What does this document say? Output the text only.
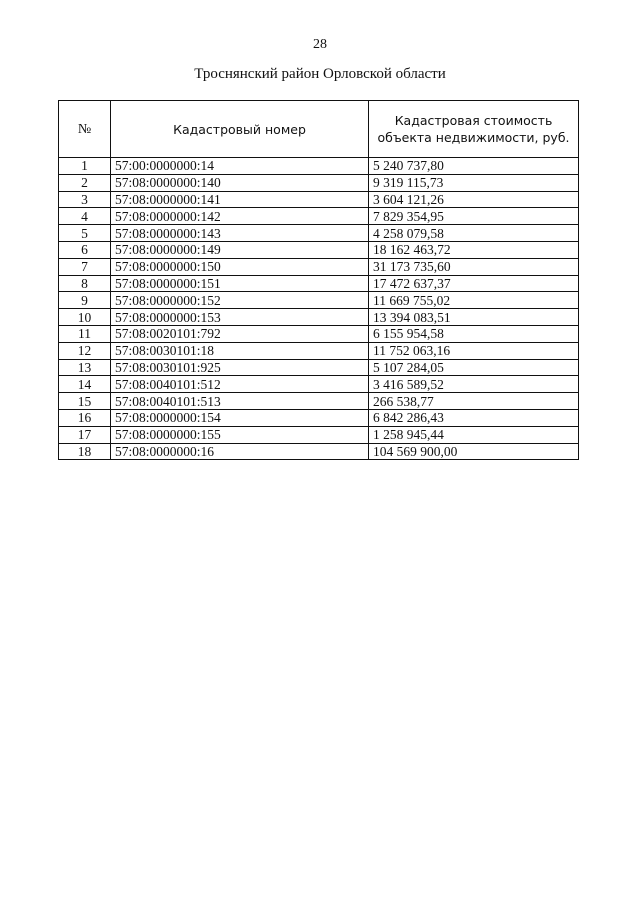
28
Троснянский район Орловской области
№	Кадастровый номер	Кадастровая стоимость объекта недвижимости, руб.
1	57:00:0000000:14	5 240 737,80
2	57:08:0000000:140	9 319 115,73
3	57:08:0000000:141	3 604 121,26
4	57:08:0000000:142	7 829 354,95
5	57:08:0000000:143	4 258 079,58
6	57:08:0000000:149	18 162 463,72
7	57:08:0000000:150	31 173 735,60
8	57:08:0000000:151	17 472 637,37
9	57:08:0000000:152	11 669 755,02
10	57:08:0000000:153	13 394 083,51
11	57:08:0020101:792	6 155 954,58
12	57:08:0030101:18	11 752 063,16
13	57:08:0030101:925	5 107 284,05
14	57:08:0040101:512	3 416 589,52
15	57:08:0040101:513	266 538,77
16	57:08:0000000:154	6 842 286,43
17	57:08:0000000:155	1 258 945,44
18	57:08:0000000:16	104 569 900,00
